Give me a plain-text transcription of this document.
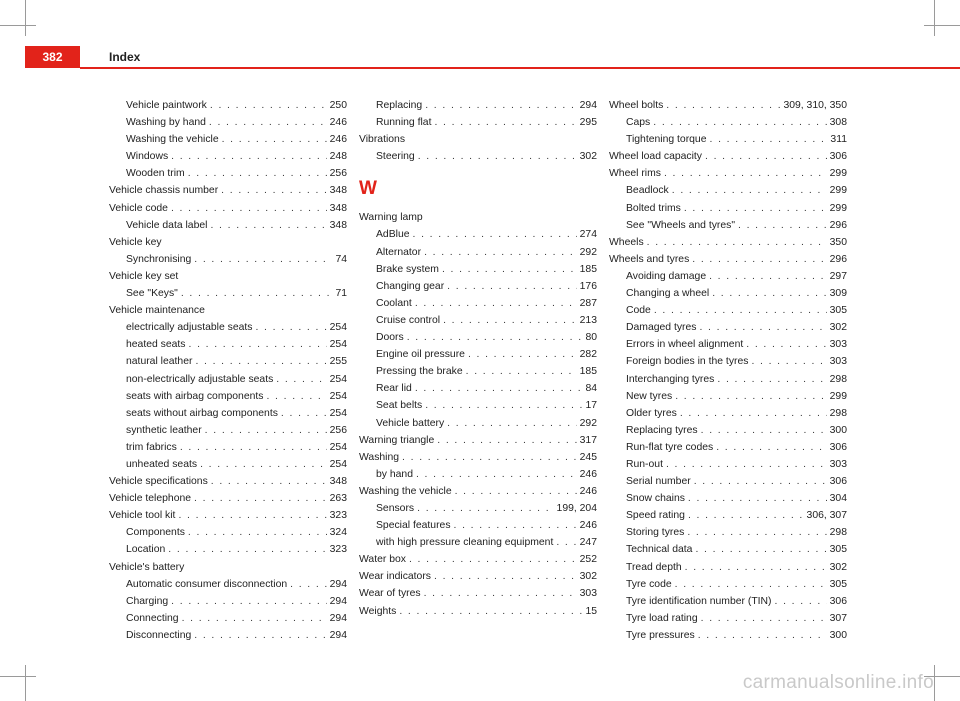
382	Index
Vehicle paintwork . . .	250
Washing by hand . . .	246
Washing the vehicle . . .	246
Windows . . .	248
Wooden trim . . .	256
Vehicle chassis number . . .	348
Vehicle code . . .	348
Vehicle data label . . .	348
Vehicle key
Synchronising . . .	74
Vehicle key set
See "Keys" . . .	71
Vehicle maintenance
electrically adjustable seats . . .	254
heated seats . . .	254
natural leather . . .	255
non-electrically adjustable seats . . .	254
seats with airbag components . . .	254
seats without airbag components . . .	254
synthetic leather . . .	256
trim fabrics . . .	254
unheated seats . . .	254
Vehicle specifications . . .	348
Vehicle telephone . . .	263
Vehicle tool kit . . .	323
Components . . .	324
Location . . .	323
Vehicle's battery
Automatic consumer disconnection . . .	294
Charging . . .	294
Connecting . . .	294
Disconnecting . . .	294
Replacing . . .	294
Running flat . . .	295
Vibrations
Steering . . .	302
W
Warning lamp
AdBlue . . .	274
Alternator . . .	292
Brake system . . .	185
Changing gear . . .	176
Coolant . . .	287
Cruise control . . .	213
Doors . . .	80
Engine oil pressure . . .	282
Pressing the brake . . .	185
Rear lid . . .	84
Seat belts . . .	17
Vehicle battery . . .	292
Warning triangle . . .	317
Washing . . .	245
by hand . . .	246
Washing the vehicle . . .	246
Sensors . . .	199, 204
Special features . . .	246
with high pressure cleaning equipment . . .	247
Water box . . .	252
Wear indicators . . .	302
Wear of tyres . . .	303
Weights . . .	15
Wheel bolts . . .	309, 310, 350
Caps . . .	308
Tightening torque . . .	311
Wheel load capacity . . .	306
Wheel rims . . .	299
Beadlock . . .	299
Bolted trims . . .	299
See "Wheels and tyres" . . .	296
Wheels . . .	350
Wheels and tyres . . .	296
Avoiding damage . . .	297
Changing a wheel . . .	309
Code . . .	305
Damaged tyres . . .	302
Errors in wheel alignment . . .	303
Foreign bodies in the tyres . . .	303
Interchanging tyres . . .	298
New tyres . . .	299
Older tyres . . .	298
Replacing tyres . . .	300
Run-flat tyre codes . . .	306
Run-out . . .	303
Serial number . . .	306
Snow chains . . .	304
Speed rating . . .	306, 307
Storing tyres . . .	298
Technical data . . .	305
Tread depth . . .	302
Tyre code . . .	305
Tyre identification number (TIN) . . .	306
Tyre load rating . . .	307
Tyre pressures . . .	300
carmanualsonline.info
